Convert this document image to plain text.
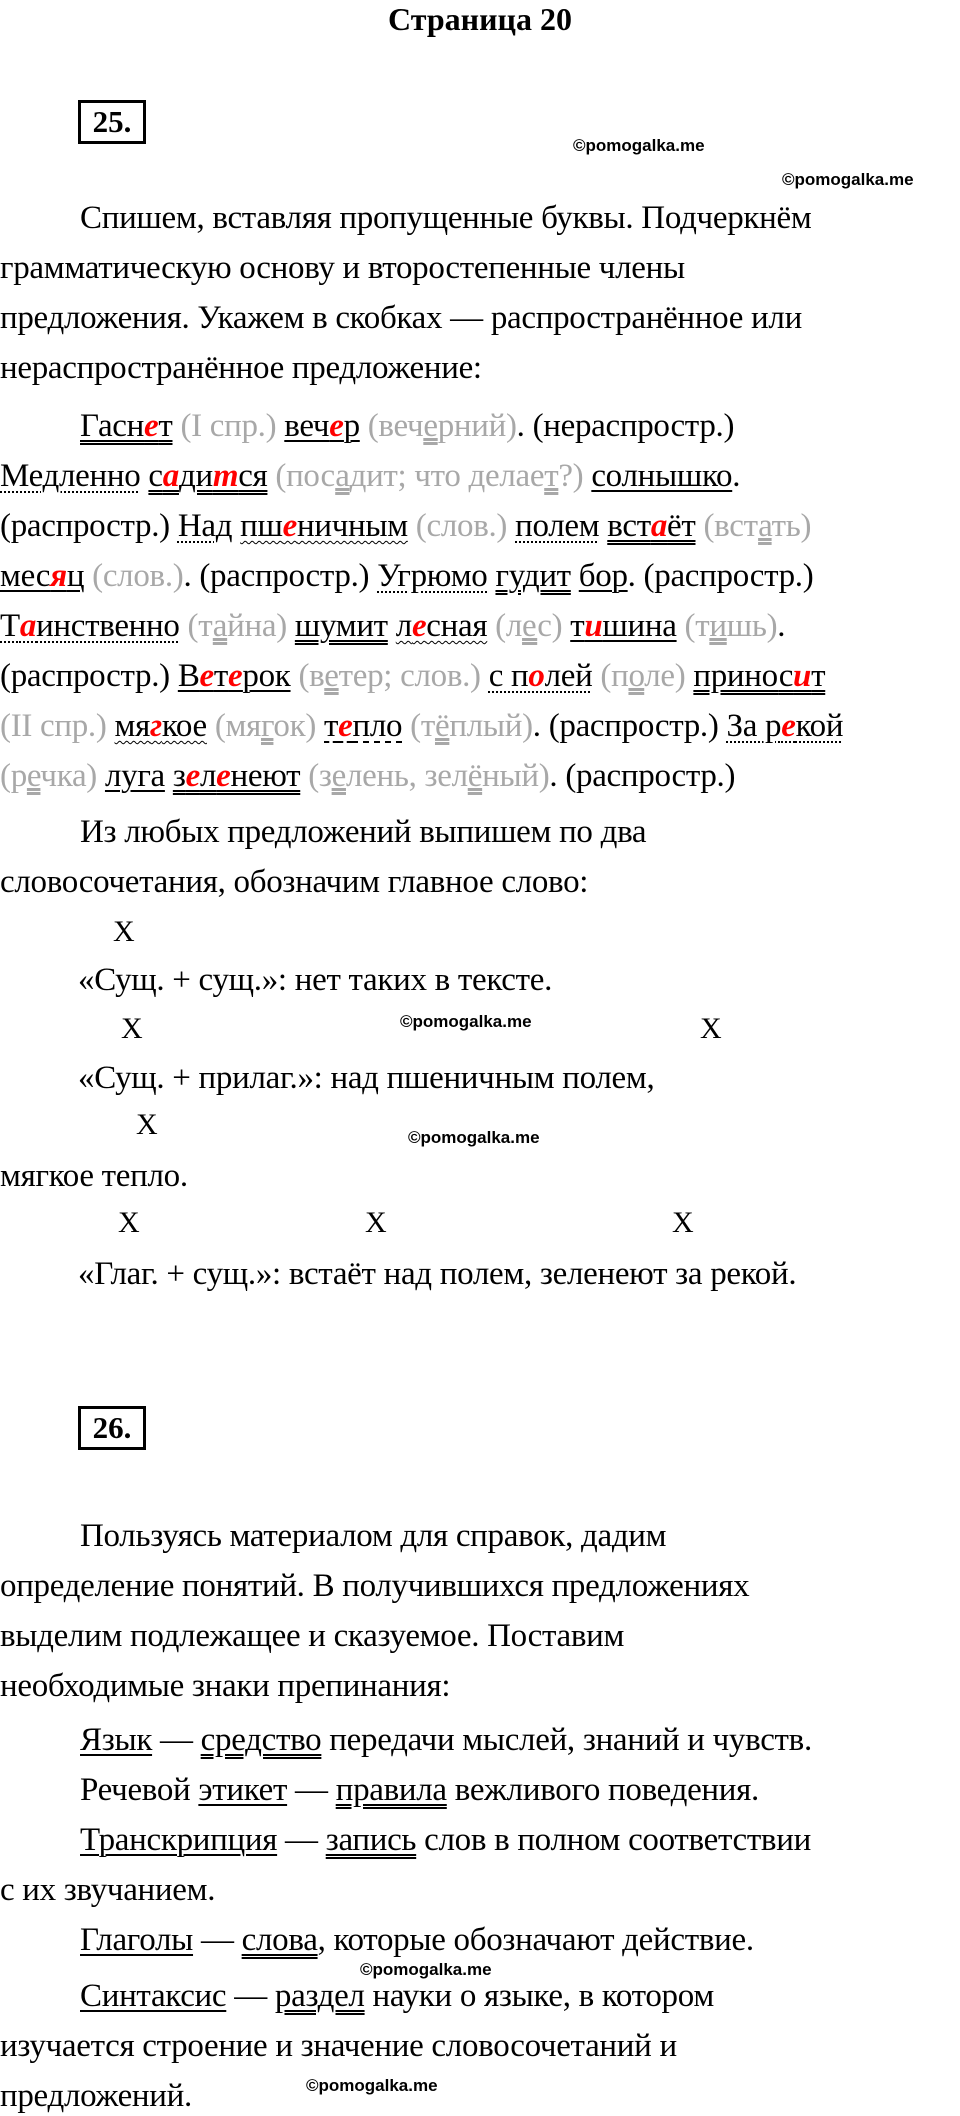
Страница 20
25.
©pomogalka.me
©pomogalka.me
Спишем, вставляя пропущенные буквы. Подчеркнём
грамматическую основу и второстепенные члены
предложения. Укажем в скобках — распространённое или
нераспространённое предложение:
Гаснет (I спр.) вечер (вечерний). (нераспростр.)
Медленно садится (посадит; что делает?) солнышко.
(распростр.) Над пшеничным (слов.) полем встаёт (встать)
месяц (слов.). (распростр.) Угрюмо гудит бор. (распростр.)
Таинственно (тайна) шумит лесная (лес) тишина (тишь).
(распростр.) Ветерок (ветер; слов.) с полей (поле) приносит
(II спр.) мягкое (мягок) тепло (тёплый). (распростр.) За рекой
(речка) луга зеленеют (зелень, зелёный). (распростр.)
Из любых предложений выпишем по два
словосочетания, обозначим главное слово:
X
«Сущ. + сущ.»: нет таких в тексте.
X	©pomogalka.me	X
«Сущ. + прилаг.»: над пшеничным полем,
X	©pomogalka.me
мягкое тепло.
X	X	X
«Глаг. + сущ.»: встаёт над полем, зеленеют за рекой.
26.
Пользуясь материалом для справок, дадим
определение понятий. В получившихся предложениях
выделим подлежащее и сказуемое. Поставим
необходимые знаки препинания:
Язык — средство передачи мыслей, знаний и чувств.
Речевой этикет — правила вежливого поведения.
Транскрипция — запись слов в полном соответствии
с их звучанием.
Глаголы — слова, которые обозначают действие.
©pomogalka.me
Синтаксис — раздел науки о языке, в котором
изучается строение и значение словосочетаний и
предложений.	©pomogalka.me
